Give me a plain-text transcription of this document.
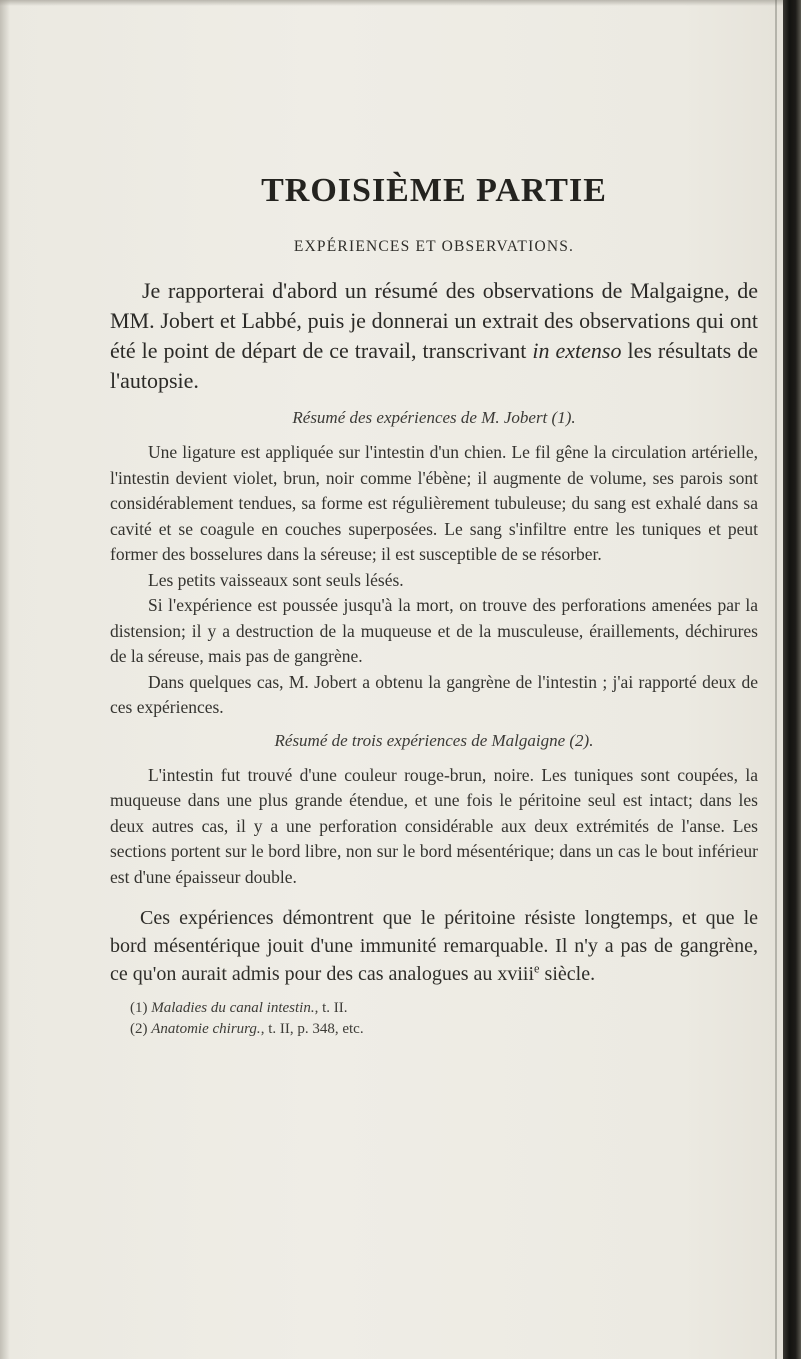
TROISIÈME PARTIE
EXPÉRIENCES ET OBSERVATIONS.

Je rapporterai d'abord un résumé des observations de Malgaigne, de MM. Jobert et Labbé, puis je donnerai un extrait des observations qui ont été le point de départ de ce travail, transcrivant in extenso les résultats de l'autopsie.

Résumé des expériences de M. Jobert (1).

Une ligature est appliquée sur l'intestin d'un chien. Le fil gêne la circulation artérielle, l'intestin devient violet, brun, noir comme l'ébène; il augmente de volume, ses parois sont considérablement tendues, sa forme est régulièrement tubuleuse; du sang est exhalé dans sa cavité et se coagule en couches superposées. Le sang s'infiltre entre les tuniques et peut former des bosselures dans la séreuse; il est susceptible de se résorber.

Les petits vaisseaux sont seuls lésés.

Si l'expérience est poussée jusqu'à la mort, on trouve des perforations amenées par la distension; il y a destruction de la muqueuse et de la musculeuse, éraillements, déchirures de la séreuse, mais pas de gangrène.

Dans quelques cas, M. Jobert a obtenu la gangrène de l'intestin ; j'ai rapporté deux de ces expériences.

Résumé de trois expériences de Malgaigne (2).

L'intestin fut trouvé d'une couleur rouge-brun, noire. Les tuniques sont coupées, la muqueuse dans une plus grande étendue, et une fois le péritoine seul est intact; dans les deux autres cas, il y a une perforation considérable aux deux extrémités de l'anse. Les sections portent sur le bord libre, non sur le bord mésentérique; dans un cas le bout inférieur est d'une épaisseur double.

Ces expériences démontrent que le péritoine résiste longtemps, et que le bord mésentérique jouit d'une immunité remarquable. Il n'y a pas de gangrène, ce qu'on aurait admis pour des cas analogues au xviii$^e$ siècle.

(1) Maladies du canal intestin., t. II.

(2) Anatomie chirurg., t. II, p. 348, etc.
